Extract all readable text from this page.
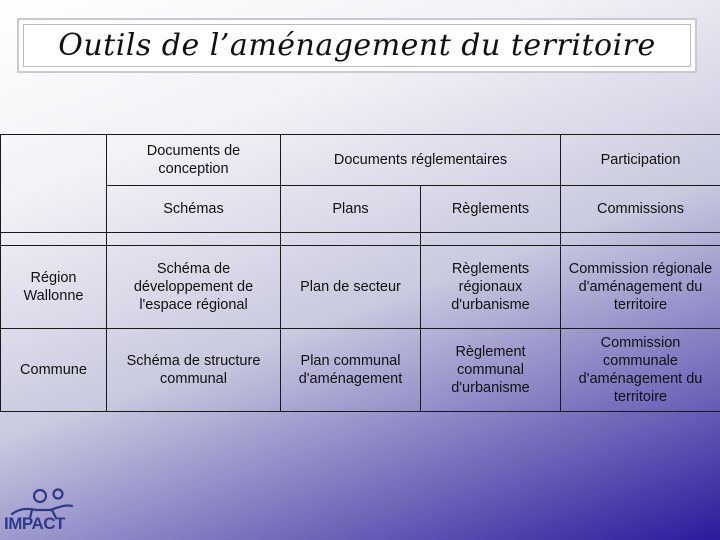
Outils de l’aménagement du territoire
	Documents de conception	Documents réglementaires		Participation
	Schémas	Plans	Règlements	Commissions

Région Wallonne	Schéma de développement de l'espace régional	Plan de secteur	Règlements régionaux d'urbanisme	Commission régionale d'aménagement du territoire
Commune	Schéma de structure communal	Plan communal d'aménagement	Règlement communal d'urbanisme	Commission communale d'aménagement du territoire
IMPACT
